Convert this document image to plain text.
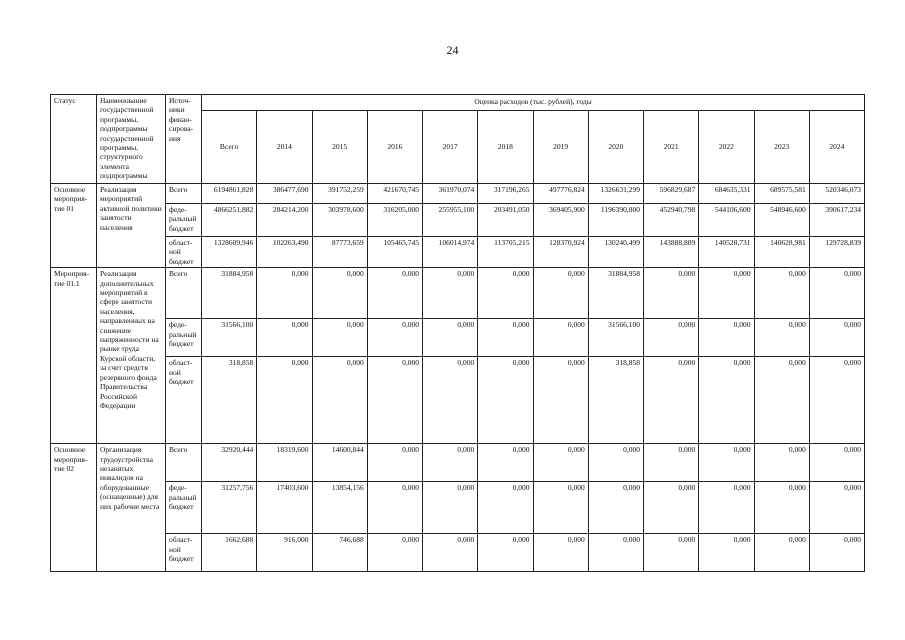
24
Статус	Наименование государственной программы, подпрограммы государственной программы, структурного элемента подпрограммы	Источ-ники финан-сирова-ния	Оценка расходов (тыс. рублей), годы											
			Всего	2014	2015	2016	2017	2018	2019	2020	2021	2022	2023	2024
Основное мероприя-тие 01	Реализация мероприятий активной политики занятости населения	Всего	6194861,828	386477,690	391752,259	421670,745	361970,074	317196,265	497776,824	1326631,299	596829,687	684635,331	689575,581	520346,073
		феде-ральный бюджет	4866251,882	284214,200	303978,600	316205,000	255955,100	203491,050	369405,900	1196390,800	452940,798	544106,600	548946,600	390617,234
		област-ной бюджет	1328609,946	102263,490	87773,659	105465,745	106014,974	113705,215	128370,924	130240,499	143888,889	140528,731	140628,981	129728,839
Мероприя-тие 01.1	Реализация дополнительных мероприятий в сфере занятости населения, направленных на снижение напряженности на рынке труда Курской области, за счет средств резервного фонда Правительства Российской Федерации	Всего	31884,958	0,000	0,000	0,000	0,000	0,000	0,000	31884,958	0,000	0,000	0,000	0,000
		феде-ральный бюджет	31566,100	0,000	0,000	0,000	0,000	0,000	0,000	31566,100	0,000	0,000	0,000	0,000
		област-ной бюджет	318,858	0,000	0,000	0,000	0,000	0,000	0,000	318,858	0,000	0,000	0,000	0,000
Основное мероприя-тие 02	Организация трудоустройства незанятых инвалидов на оборудованные (оснащенные) для них рабочие места	Всего	32920,444	18319,600	14600,844	0,000	0,000	0,000	0,000	0,000	0,000	0,000	0,000	0,000
		феде-ральный бюджет	31257,756	17403,600	13854,156	0,000	0,000	0,000	0,000	0,000	0,000	0,000	0,000	0,000
		област-ной бюджет	1662,688	916,000	746,688	0,000	0,000	0,000	0,000	0,000	0,000	0,000	0,000	0,000
